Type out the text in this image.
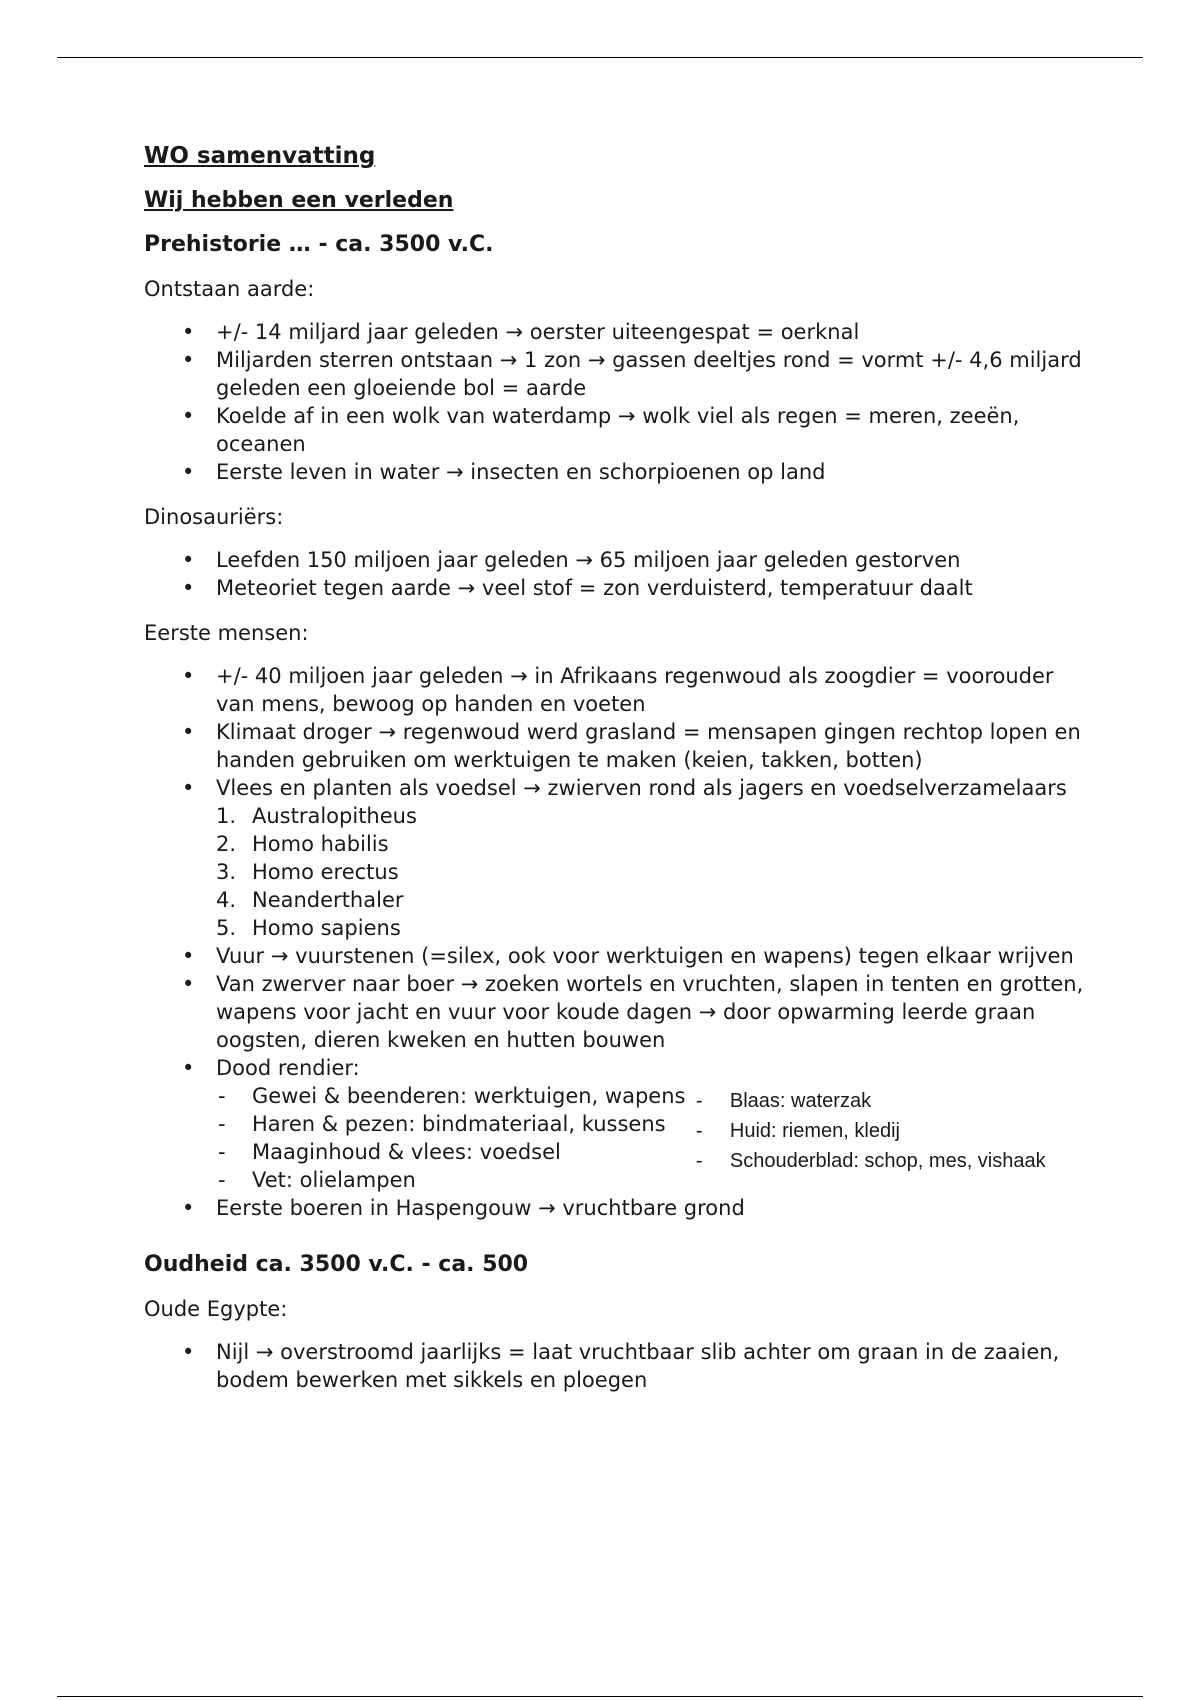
WO samenvatting
Wij hebben een verleden
Prehistorie … - ca. 3500 v.C.
Ontstaan aarde:
• +/- 14 miljard jaar geleden → oerster uiteengespat = oerknal
• Miljarden sterren ontstaan → 1 zon → gassen deeltjes rond = vormt +/- 4,6 miljard geleden een gloeiende bol = aarde
• Koelde af in een wolk van waterdamp → wolk viel als regen = meren, zeeën, oceanen
• Eerste leven in water → insecten en schorpioenen op land
Dinosauriërs:
• Leefden 150 miljoen jaar geleden → 65 miljoen jaar geleden gestorven
• Meteoriet tegen aarde → veel stof = zon verduisterd, temperatuur daalt
Eerste mensen:
• +/- 40 miljoen jaar geleden → in Afrikaans regenwoud als zoogdier = voorouder van mens, bewoog op handen en voeten
• Klimaat droger → regenwoud werd grasland = mensapen gingen rechtop lopen en handen gebruiken om werktuigen te maken (keien, takken, botten)
• Vlees en planten als voedsel → zwierven rond als jagers en voedselverzamelaars
1. Australopitheus
2. Homo habilis
3. Homo erectus
4. Neanderthaler
5. Homo sapiens
• Vuur → vuurstenen (=silex, ook voor werktuigen en wapens) tegen elkaar wrijven
• Van zwerver naar boer → zoeken wortels en vruchten, slapen in tenten en grotten, wapens voor jacht en vuur voor koude dagen → door opwarming leerde graan oogsten, dieren kweken en hutten bouwen
• Dood rendier:
- Gewei & beenderen: werktuigen, wapens
- Haren & pezen: bindmateriaal, kussens
- Maaginhoud & vlees: voedsel
- Vet: olielampen
- Blaas: waterzak
- Huid: riemen, kledij
- Schouderblad: schop, mes, vishaak
• Eerste boeren in Haspengouw → vruchtbare grond
Oudheid ca. 3500 v.C. - ca. 500
Oude Egypte:
• Nijl → overstroomd jaarlijks = laat vruchtbaar slib achter om graan in de zaaien, bodem bewerken met sikkels en ploegen
